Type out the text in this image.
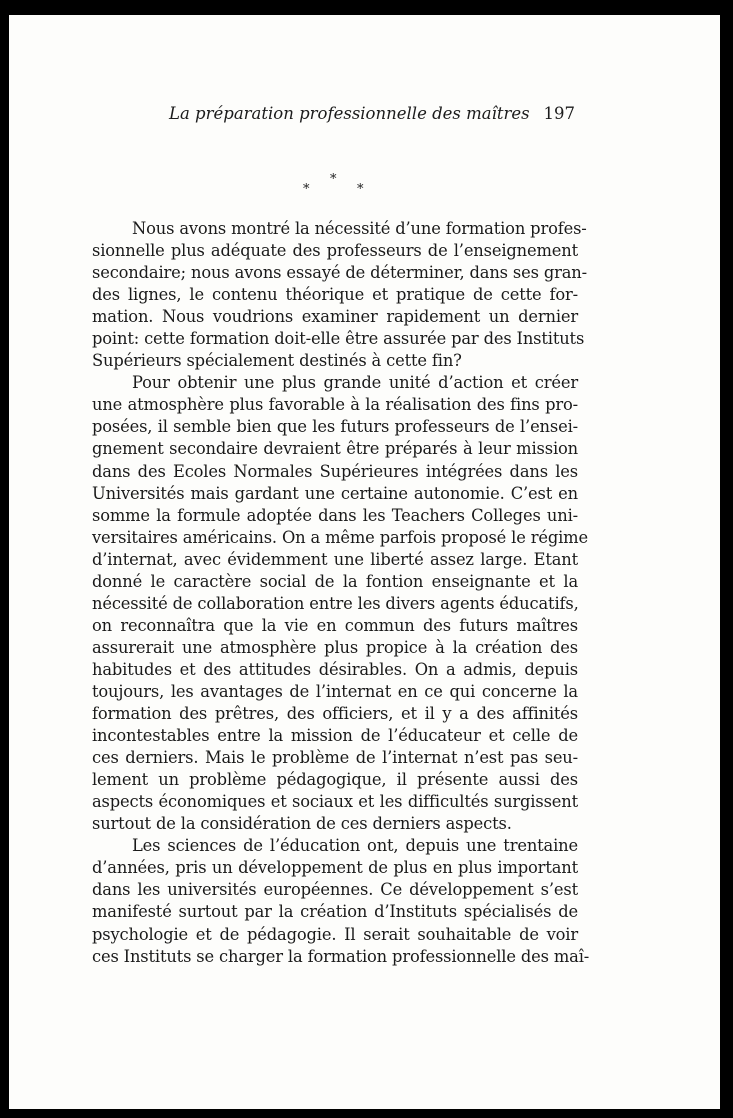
La préparation professionnelle des maîtres 197
*
*
*
Nous avons montré la nécessité d’une formation profes-
sionnelle plus adéquate des professeurs de l’enseignement
secondaire; nous avons essayé de déterminer, dans ses gran-
des lignes, le contenu théorique et pratique de cette for-
mation. Nous voudrions examiner rapidement un dernier
point: cette formation doit-elle être assurée par des Instituts
Supérieurs spécialement destinés à cette fin?
Pour obtenir une plus grande unité d’action et créer
une atmosphère plus favorable à la réalisation des fins pro-
posées, il semble bien que les futurs professeurs de l’ensei-
gnement secondaire devraient être préparés à leur mission
dans des Ecoles Normales Supérieures intégrées dans les
Universités mais gardant une certaine autonomie. C’est en
somme la formule adoptée dans les Teachers Colleges uni-
versitaires américains. On a même parfois proposé le régime
d’internat, avec évidemment une liberté assez large. Etant
donné le caractère social de la fontion enseignante et la
nécessité de collaboration entre les divers agents éducatifs,
on reconnaîtra que la vie en commun des futurs maîtres
assurerait une atmosphère plus propice à la création des
habitudes et des attitudes désirables. On a admis, depuis
toujours, les avantages de l’internat en ce qui concerne la
formation des prêtres, des officiers, et il y a des affinités
incontestables entre la mission de l’éducateur et celle de
ces derniers. Mais le problème de l’internat n’est pas seu-
lement un problème pédagogique, il présente aussi des
aspects économiques et sociaux et les difficultés surgissent
surtout de la considération de ces derniers aspects.
Les sciences de l’éducation ont, depuis une trentaine
d’années, pris un développement de plus en plus important
dans les universités européennes. Ce développement s’est
manifesté surtout par la création d’Instituts spécialisés de
psychologie et de pédagogie. Il serait souhaitable de voir
ces Instituts se charger la formation professionnelle des maî-
